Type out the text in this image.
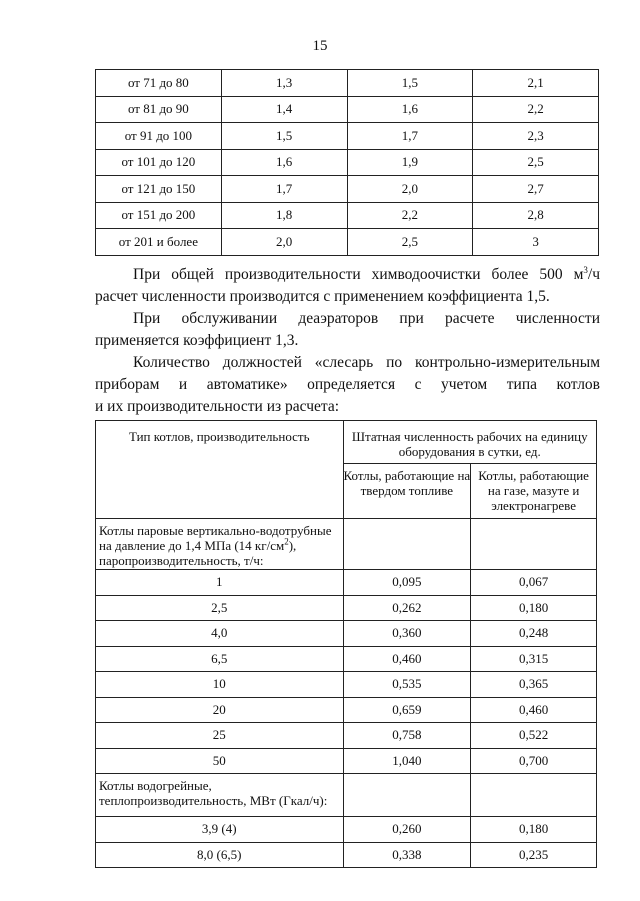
15
от 71 до 80	1,3	1,5	2,1
от 81 до 90	1,4	1,6	2,2
от 91 до 100	1,5	1,7	2,3
от 101 до 120	1,6	1,9	2,5
от 121 до 150	1,7	2,0	2,7
от 151 до 200	1,8	2,2	2,8
от 201 и более	2,0	2,5	3
При общей производительности химводоочистки более 500 $м^3/ч$ расчет численности производится с применением коэффициента 1,5.
При обслуживании деаэраторов при расчете численности применяется коэффициент 1,3.
Количество должностей «слесарь по контрольно-измерительным приборам и автоматике» определяется с учетом типа котлов
и их производительности из расчета:
Тип котлов, производительность	Штатная численность рабочих на единицу оборудования в сутки, ед.	
	Котлы, работающие на твердом топливе	Котлы, работающие на газе, мазуте и электронагреве
Котлы паровые вертикально-водотрубные на давление до 1,4 МПа (14 $кг/см^2$), паропроизводительность, т/ч:		
1	0,095	0,067
2,5	0,262	0,180
4,0	0,360	0,248
6,5	0,460	0,315
10	0,535	0,365
20	0,659	0,460
25	0,758	0,522
50	1,040	0,700
Котлы водогрейные, теплопроизводительность, МВт (Гкал/ч):		
3,9 (4)	0,260	0,180
8,0 (6,5)	0,338	0,235
